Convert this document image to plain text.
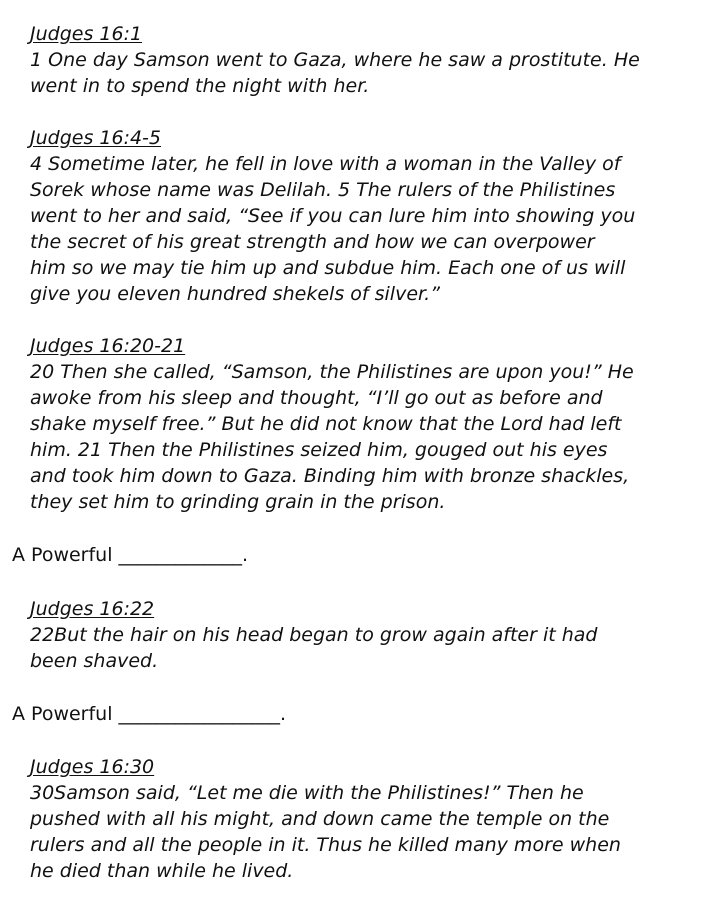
Judges 16:1

1 One day Samson went to Gaza, where he saw a prostitute. He
went in to spend the night with her.

Judges 16:4-5

4 Sometime later, he fell in love with a woman in the Valley of
Sorek whose name was Delilah. 5 The rulers of the Philistines
went to her and said, “See if you can lure him into showing you
the secret of his great strength and how we can overpower
him so we may tie him up and subdue him. Each one of us will
give you eleven hundred shekels of silver.”

Judges 16:20-21

20 Then she called, “Samson, the Philistines are upon you!” He
awoke from his sleep and thought, “I’ll go out as before and
shake myself free.” But he did not know that the Lord had left
him. 21 Then the Philistines seized him, gouged out his eyes
and took him down to Gaza. Binding him with bronze shackles,
they set him to grinding grain in the prison.

A Powerful _____________.

Judges 16:22

22But the hair on his head began to grow again after it had
been shaved.

A Powerful _________________.

Judges 16:30

30Samson said, “Let me die with the Philistines!” Then he
pushed with all his might, and down came the temple on the
rulers and all the people in it. Thus he killed many more when
he died than while he lived.
